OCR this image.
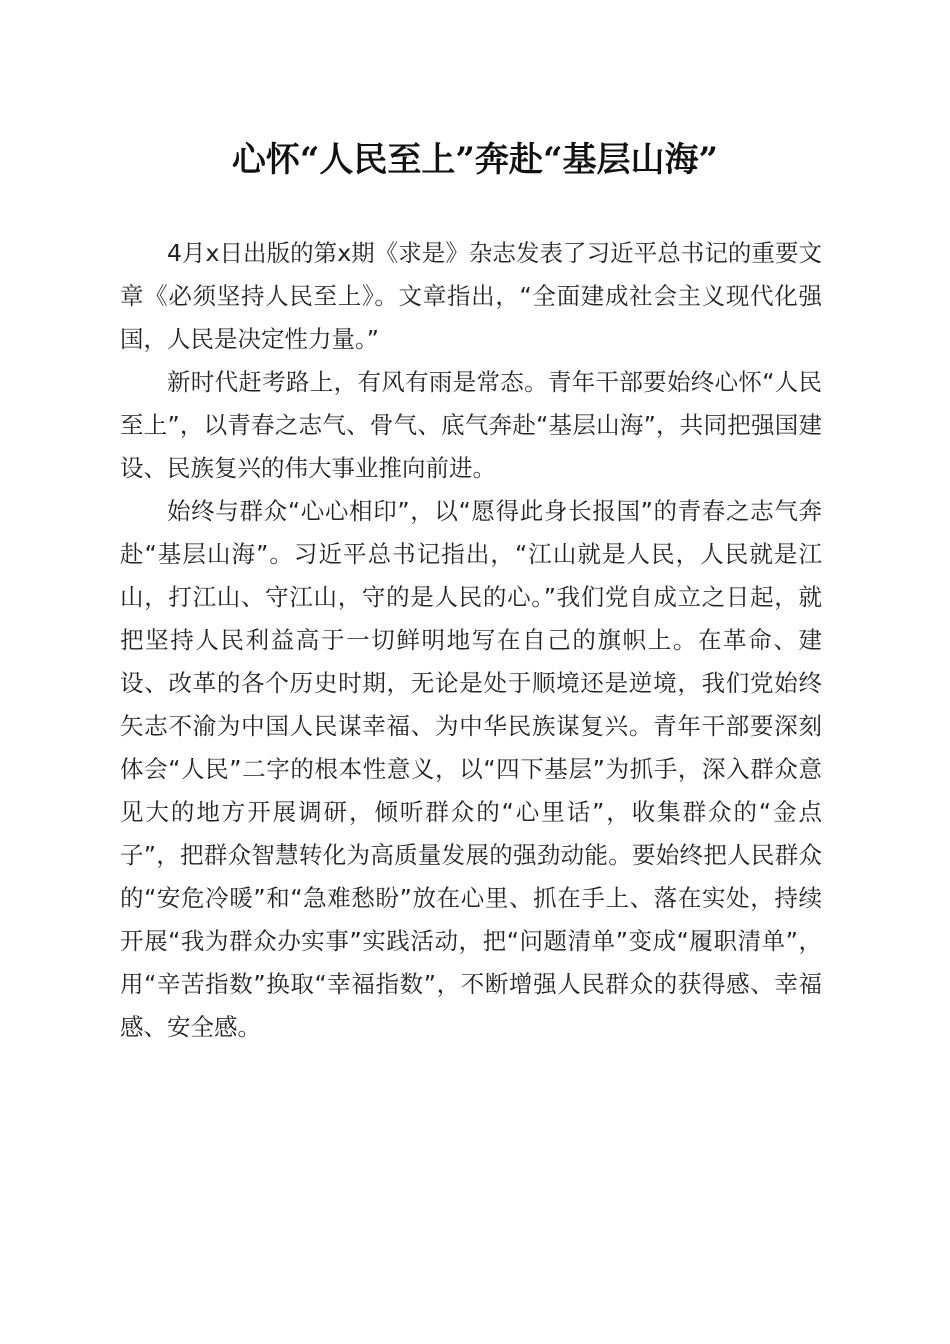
心怀“人民至上”奔赴“基层山海”

4月x日出版的第x期《求是》杂志发表了习近平总书记的重要文章《必须坚持人民至上》。文章指出，“全面建成社会主义现代化强国，人民是决定性力量。”

新时代赶考路上，有风有雨是常态。青年干部要始终心怀“人民至上”，以青春之志气、骨气、底气奔赴“基层山海”，共同把强国建设、民族复兴的伟大事业推向前进。

始终与群众“心心相印”，以“愿得此身长报国”的青春之志气奔赴“基层山海”。习近平总书记指出，“江山就是人民，人民就是江山，打江山、守江山，守的是人民的心。”我们党自成立之日起，就把坚持人民利益高于一切鲜明地写在自己的旗帜上。在革命、建设、改革的各个历史时期，无论是处于顺境还是逆境，我们党始终矢志不渝为中国人民谋幸福、为中华民族谋复兴。青年干部要深刻体会“人民”二字的根本性意义，以“四下基层”为抓手，深入群众意见大的地方开展调研，倾听群众的“心里话”，收集群众的“金点子”，把群众智慧转化为高质量发展的强劲动能。要始终把人民群众的“安危冷暖”和“急难愁盼”放在心里、抓在手上、落在实处，持续开展“我为群众办实事”实践活动，把“问题清单”变成“履职清单”，用“辛苦指数”换取“幸福指数”，不断增强人民群众的获得感、幸福感、安全感。
